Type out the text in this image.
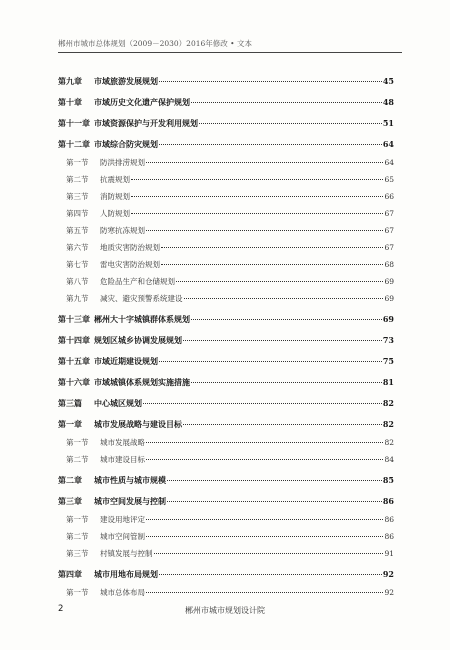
郴州市城市总体规划（2009－2030）2016年修改 • 文本
第九章	市域旅游发展规划	45
第十章	市域历史文化遗产保护规划	48
第十一章 市域资源保护与开发利用规划	51
第十二章 市域综合防灾规划	64
第一节	防洪排涝规划	64
第二节	抗震规划	65
第三节	消防规划	66
第四节	人防规划	67
第五节	防寒抗冻规划	67
第六节	地质灾害防治规划	67
第七节	雷电灾害防治规划	68
第八节	危险品生产和仓储规划	69
第九节	减灾、避灾预警系统建设	69
第十三章 郴州大十字城镇群体系规划	69
第十四章 规划区城乡协调发展规划	73
第十五章 市域近期建设规划	75
第十六章 市域城镇体系规划实施措施	81
第三篇	中心城区规划	82
第一章	城市发展战略与建设目标	82
第一节	城市发展战略	82
第二节	城市建设目标	84
第二章	城市性质与城市规模	85
第三章	城市空间发展与控制	86
第一节	建设用地评定	86
第二节	城市空间管制	86
第三节	村镇发展与控制	91
第四章	城市用地布局规划	92
第一节	城市总体布局	92
2	郴州市城市规划设计院
